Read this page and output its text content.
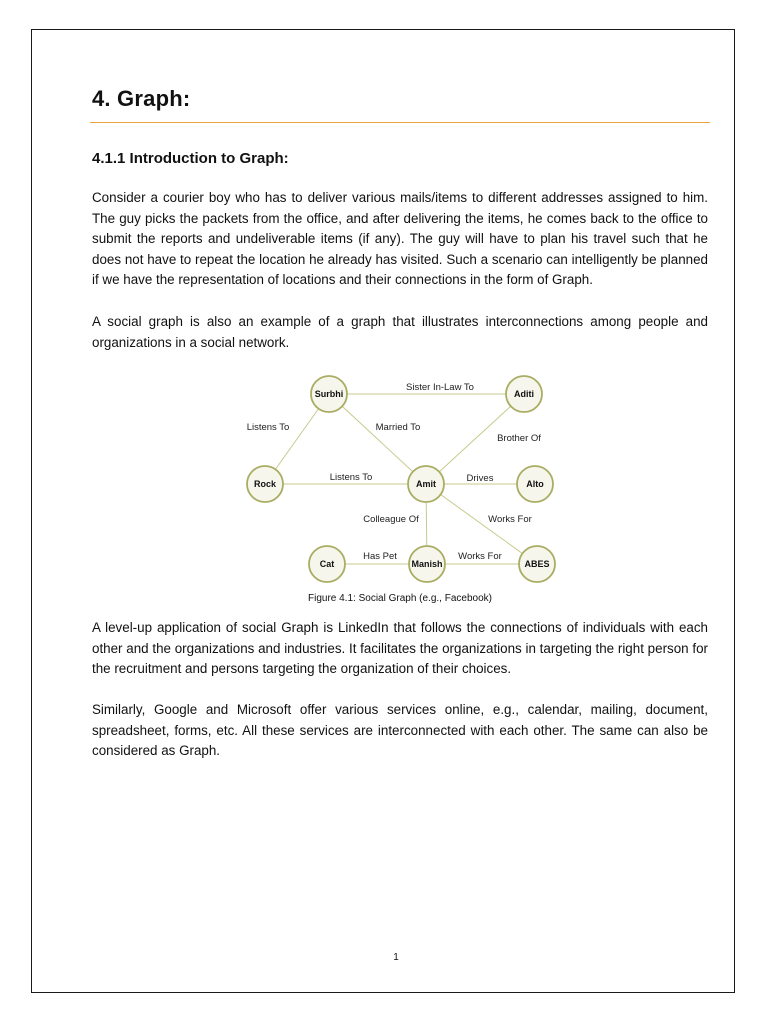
4. Graph:
4.1.1 Introduction to Graph:

Consider a courier boy who has to deliver various mails/items to different addresses assigned to him. The guy picks the packets from the office, and after delivering the items, he comes back to the office to submit the reports and undeliverable items (if any). The guy will have to plan his travel such that he does not have to repeat the location he already has visited. Such a scenario can intelligently be planned if we have the representation of locations and their connections in the form of Graph.

A social graph is also an example of a graph that illustrates interconnections among people and organizations in a social network.

Sister In-Law To
Listens To	Married To
Brother Of
Listens To	Drives
Colleague Of	Works For
Has Pet	Works For
Surbhi	Aditi
Rock	Amit	Alto
Cat	Manish	ABES
Figure 4.1: Social Graph (e.g., Facebook)

A level-up application of social Graph is LinkedIn that follows the connections of individuals with each other and the organizations and industries. It facilitates the organizations in targeting the right person for the recruitment and persons targeting the organization of their choices.

Similarly, Google and Microsoft offer various services online, e.g., calendar, mailing, document, spreadsheet, forms, etc. All these services are interconnected with each other. The same can also be considered as Graph.

1
